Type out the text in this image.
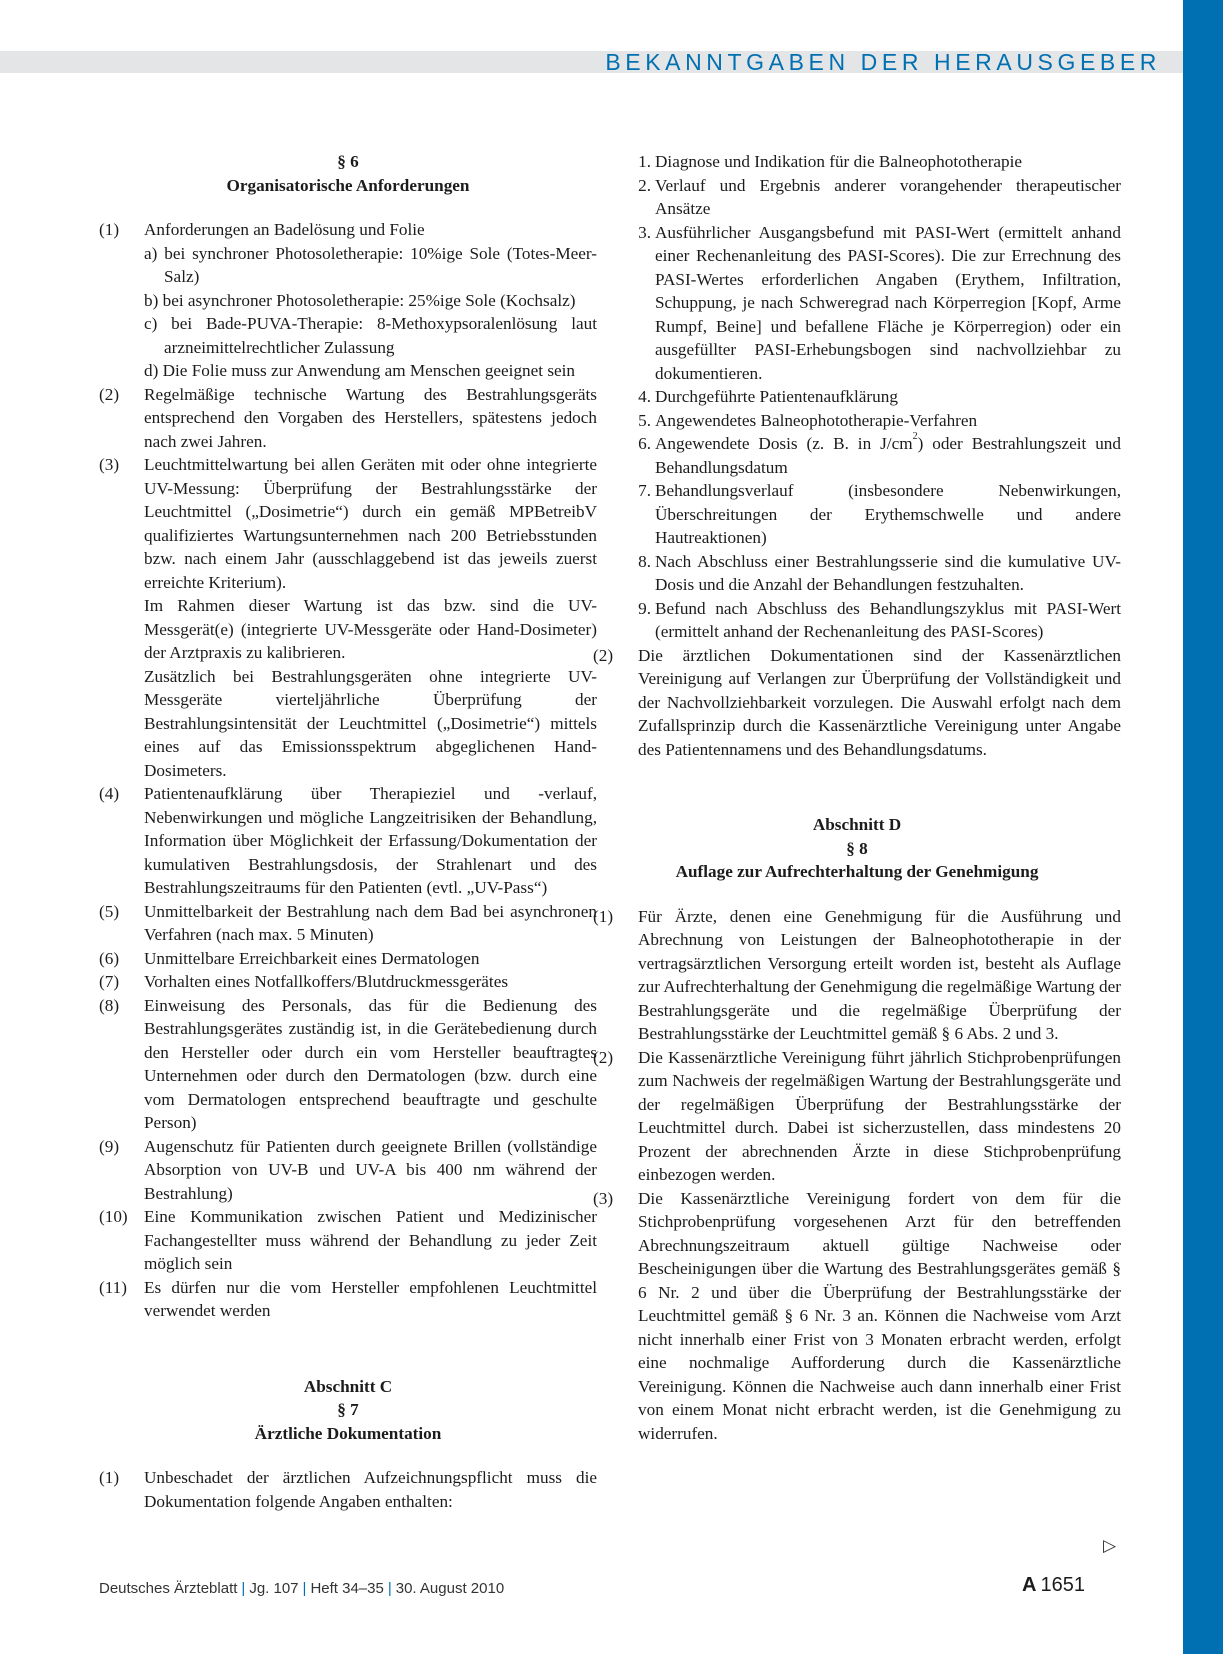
BEKANNTGABEN DER HERAUSGEBER

§ 6

Organisatorische Anforderungen

(1)	Anforderungen an Badelösung und Folie
a) bei synchroner Photosoletherapie: 10%ige Sole (Totes-Meer-Salz)
b) bei asynchroner Photosoletherapie: 25%ige Sole (Kochsalz)
c) bei Bade-PUVA-Therapie: 8-Methoxypsoralenlösung laut arzneimittelrechtlicher Zulassung
d) Die Folie muss zur Anwendung am Menschen geeignet sein
(2)	Regelmäßige technische Wartung des Bestrahlungsgeräts entsprechend den Vorgaben des Herstellers, spätestens jedoch nach zwei Jahren.
(3)	Leuchtmittelwartung bei allen Geräten mit oder ohne integrierte UV-Messung: Überprüfung der Bestrahlungsstärke der Leuchtmittel („Dosimetrie“) durch ein gemäß MPBetreibV qualifiziertes Wartungsunternehmen nach 200 Betriebsstunden bzw. nach einem Jahr (ausschlaggebend ist das jeweils zuerst erreichte Kriterium).
Im Rahmen dieser Wartung ist das bzw. sind die UV-Messgerät(e) (integrierte UV-Messgeräte oder Hand-Dosimeter) der Arztpraxis zu kalibrieren.
Zusätzlich bei Bestrahlungsgeräten ohne integrierte UV-Messgeräte vierteljährliche Überprüfung der Bestrahlungsintensität der Leuchtmittel („Dosimetrie“) mittels eines auf das Emissionsspektrum abgeglichenen Hand-Dosimeters.
(4)	Patientenaufklärung über Therapieziel und -verlauf, Nebenwirkungen und mögliche Langzeitrisiken der Behandlung, Information über Möglichkeit der Erfassung/Dokumentation der kumulativen Bestrahlungsdosis, der Strahlenart und des Bestrahlungszeitraums für den Patienten (evtl. „UV-Pass“)
(5)	Unmittelbarkeit der Bestrahlung nach dem Bad bei asynchronen Verfahren (nach max. 5 Minuten)
(6)	Unmittelbare Erreichbarkeit eines Dermatologen
(7)	Vorhalten eines Notfallkoffers/Blutdruckmessgerätes
(8)	Einweisung des Personals, das für die Bedienung des Bestrahlungsgerätes zuständig ist, in die Gerätebedienung durch den Hersteller oder durch ein vom Hersteller beauftragtes Unternehmen oder durch den Dermatologen (bzw. durch eine vom Dermatologen entsprechend beauftragte und geschulte Person)
(9)	Augenschutz für Patienten durch geeignete Brillen (vollständige Absorption von UV-B und UV-A bis 400 nm während der Bestrahlung)
(10) Eine Kommunikation zwischen Patient und Medizinischer Fachangestellter muss während der Behandlung zu jeder Zeit möglich sein
(11) Es dürfen nur die vom Hersteller empfohlenen Leuchtmittel verwendet werden

Abschnitt C

§ 7

Ärztliche Dokumentation

(1)	Unbeschadet der ärztlichen Aufzeichnungspflicht muss die Dokumentation folgende Angaben enthalten:
1. Diagnose und Indikation für die Balneophototherapie
2. Verlauf und Ergebnis anderer vorangehender therapeutischer Ansätze
3. Ausführlicher Ausgangsbefund mit PASI-Wert (ermittelt anhand einer Rechenanleitung des PASI-Scores). Die zur Errechnung des PASI-Wertes erforderlichen Angaben (Erythem, Infiltration, Schuppung, je nach Schweregrad nach Körperregion [Kopf, Arme Rumpf, Beine] und befallene Fläche je Körperregion) oder ein ausgefüllter PASI-Erhebungsbogen sind nachvollziehbar zu dokumentieren.
4. Durchgeführte Patientenaufklärung
5. Angewendetes Balneophototherapie-Verfahren
6. Angewendete Dosis (z. B. in $J/cm^2$) oder Bestrahlungszeit und Behandlungsdatum
7. Behandlungsverlauf (insbesondere Nebenwirkungen, Überschreitungen der Erythemschwelle und andere Hautreaktionen)
8. Nach Abschluss einer Bestrahlungsserie sind die kumulative UV-Dosis und die Anzahl der Behandlungen festzuhalten.
9. Befund nach Abschluss des Behandlungszyklus mit PASI-Wert (ermittelt anhand der Rechenanleitung des PASI-Scores)
(2)	Die ärztlichen Dokumentationen sind der Kassenärztlichen Vereinigung auf Verlangen zur Überprüfung der Vollständigkeit und der Nachvollziehbarkeit vorzulegen. Die Auswahl erfolgt nach dem Zufallsprinzip durch die Kassenärztliche Vereinigung unter Angabe des Patientennamens und des Behandlungsdatums.

Abschnitt D

§ 8

Auflage zur Aufrechterhaltung der Genehmigung

(1)	Für Ärzte, denen eine Genehmigung für die Ausführung und Abrechnung von Leistungen der Balneophototherapie in der vertragsärztlichen Versorgung erteilt worden ist, besteht als Auflage zur Aufrechterhaltung der Genehmigung die regelmäßige Wartung der Bestrahlungsgeräte und die regelmäßige Überprüfung der Bestrahlungsstärke der Leuchtmittel gemäß § 6 Abs. 2 und 3.
(2)	Die Kassenärztliche Vereinigung führt jährlich Stichprobenprüfungen zum Nachweis der regelmäßigen Wartung der Bestrahlungsgeräte und der regelmäßigen Überprüfung der Bestrahlungsstärke der Leuchtmittel durch. Dabei ist sicherzustellen, dass mindestens 20 Prozent der abrechnenden Ärzte in diese Stichprobenprüfung einbezogen werden.
(3)	Die Kassenärztliche Vereinigung fordert von dem für die Stichprobenprüfung vorgesehenen Arzt für den betreffenden Abrechnungszeitraum aktuell gültige Nachweise oder Bescheinigungen über die Wartung des Bestrahlungsgerätes gemäß § 6 Nr. 2 und über die Überprüfung der Bestrahlungsstärke der Leuchtmittel gemäß § 6 Nr. 3 an. Können die Nachweise vom Arzt nicht innerhalb einer Frist von 3 Monaten erbracht werden, erfolgt eine nochmalige Aufforderung durch die Kassenärztliche Vereinigung. Können die Nachweise auch dann innerhalb einer Frist von einem Monat nicht erbracht werden, ist die Genehmigung zu widerrufen.
▷
Deutsches Ärzteblatt | Jg. 107 | Heft 34–35 | 30. August 2010	A 1651
